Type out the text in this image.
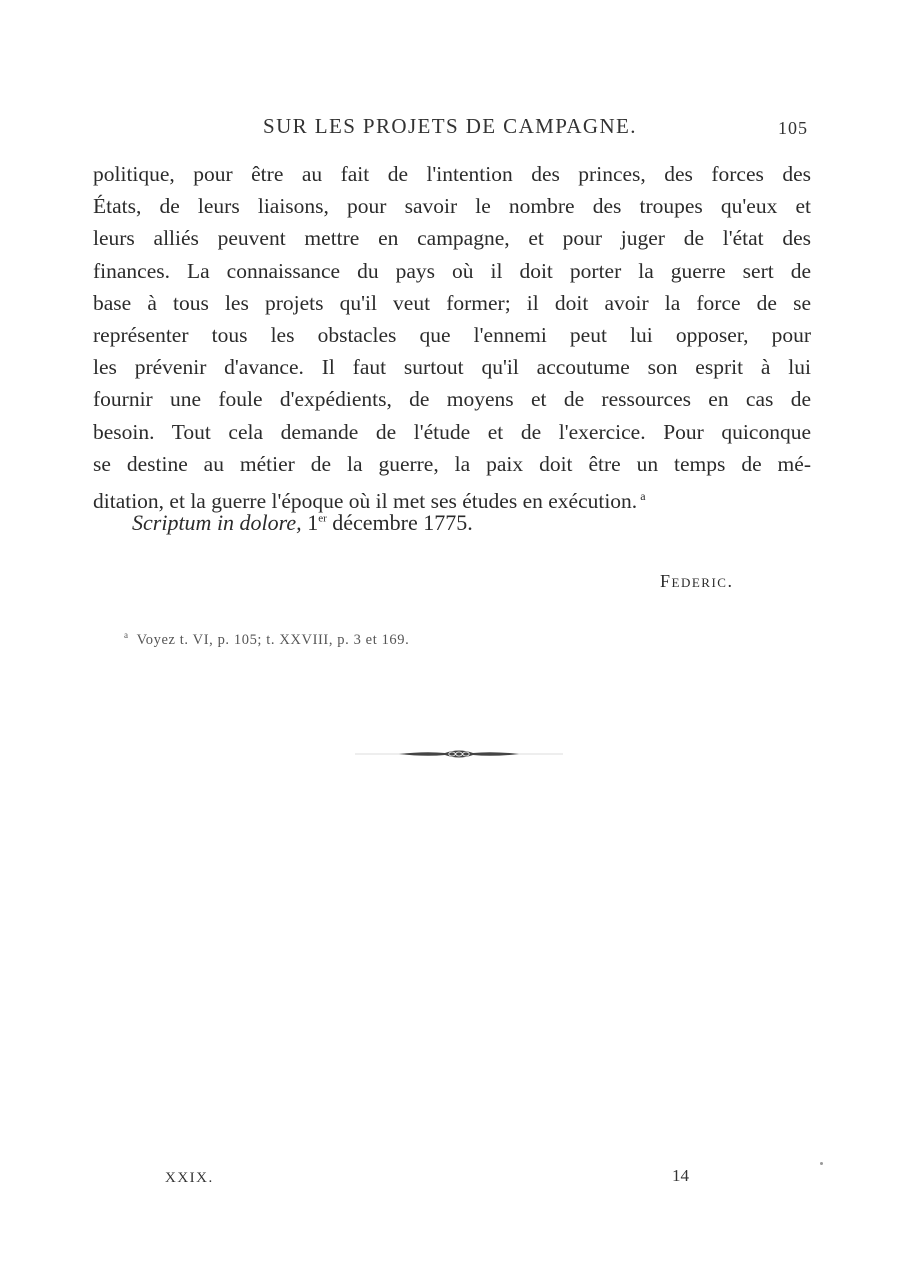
SUR LES PROJETS DE CAMPAGNE.	105
politique, pour être au fait de l'intention des princes, des forces des
États, de leurs liaisons, pour savoir le nombre des troupes qu'eux et
leurs alliés peuvent mettre en campagne, et pour juger de l'état des
finances. La connaissance du pays où il doit porter la guerre sert de
base à tous les projets qu'il veut former; il doit avoir la force de se
représenter tous les obstacles que l'ennemi peut lui opposer, pour
les prévenir d'avance. Il faut surtout qu'il accoutume son esprit à lui
fournir une foule d'expédients, de moyens et de ressources en cas de
besoin. Tout cela demande de l'étude et de l'exercice. Pour quiconque
se destine au métier de la guerre, la paix doit être un temps de mé-
ditation, et la guerre l'époque où il met ses études en exécution. $^a$
Scriptum in dolore, 1er décembre 1775.
Federic.
$^a$ Voyez t. VI, p. 105; t. XXVIII, p. 3 et 169.
XXIX.	14
